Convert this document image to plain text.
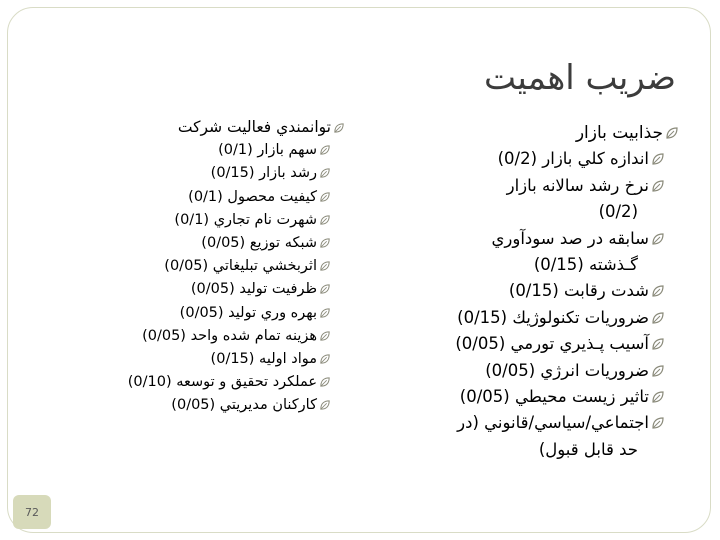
ضريب اهميت
جذابيت بازار
اندازه كلي بازار (0/2)
نرخ رشد سالانه بازار
(0/2)
سابقه در صد سودآوري
گـذشته (0/15)
شدت رقابت (0/15)
ضروريات تكنولوژيك (0/15)
آسيب پـذيري تورمي (0/05)
ضروريات انرژي (0/05)
تاثير زيست محيطي (0/05)
اجتماعي/سياسي/قانوني (در
حد قابل قبول)
توانمندي فعاليت شركت
سهم بازار (0/1)
رشد بازار (0/15)
كيفيت محصول (0/1)
شهرت نام تجاري (0/1)
شبكه توزيع (0/05)
اثربخشي تبليغاتي (0/05)
ظرفيت توليد (0/05)
بهره وري توليد (0/05)
هزينه تمام شده واحد (0/05)
مواد اوليه (0/15)
عملكرد تحقيق و توسعه (0/10)
كاركنان مديريتي (0/05)
72
